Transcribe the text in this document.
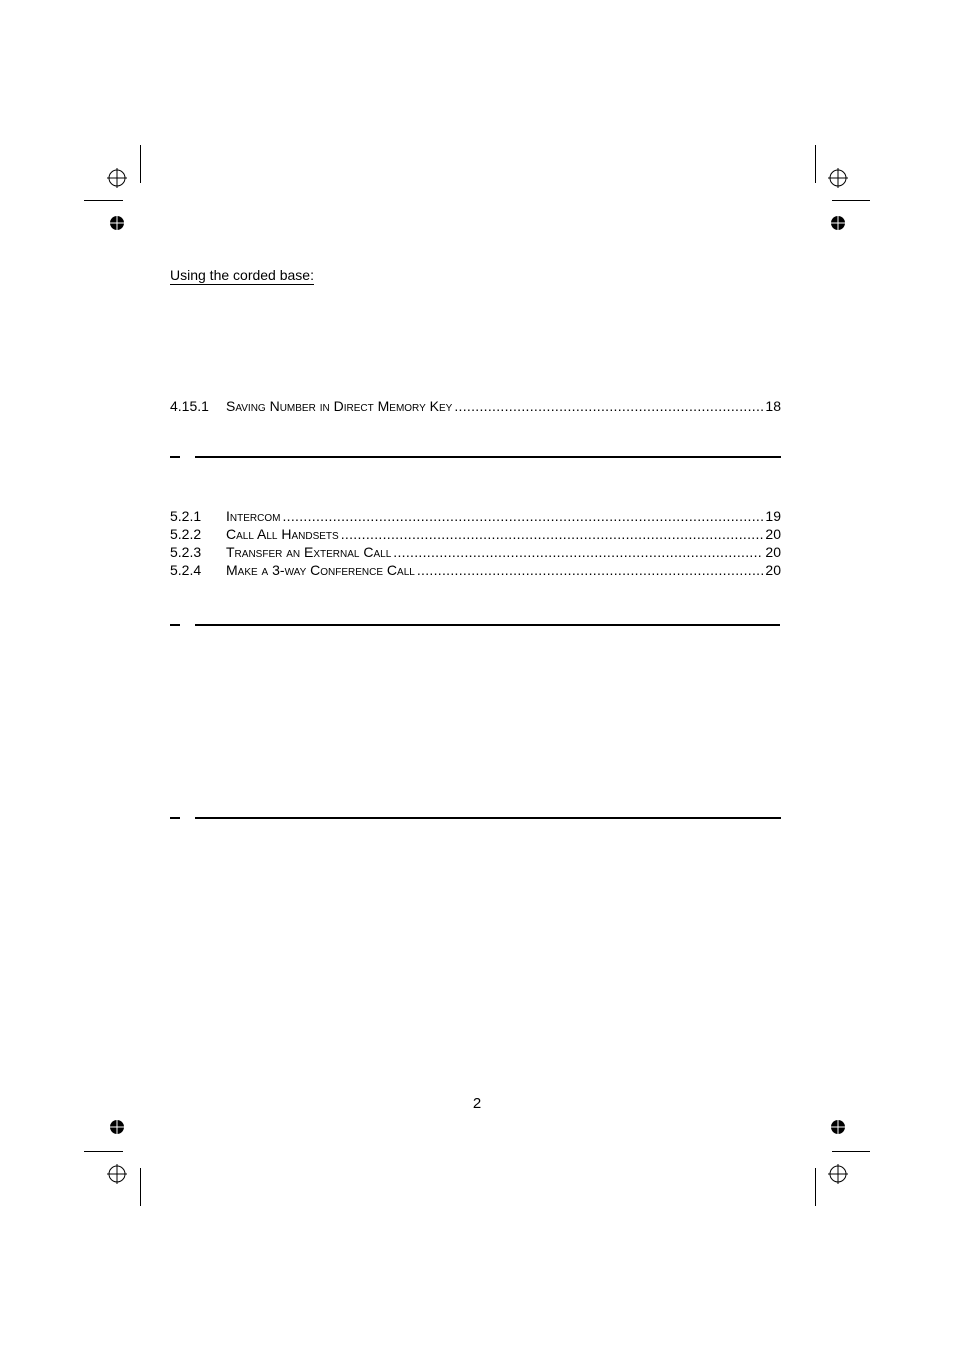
Using the corded base:
4.15.1	Saving Number in Direct Memory Key .....	18
5.2.1	Intercom .....	19
5.2.2	Call All Handsets .....	20
5.2.3	Transfer an External Call .....	20
5.2.4	Make a 3-way Conference Call .....	20
2
